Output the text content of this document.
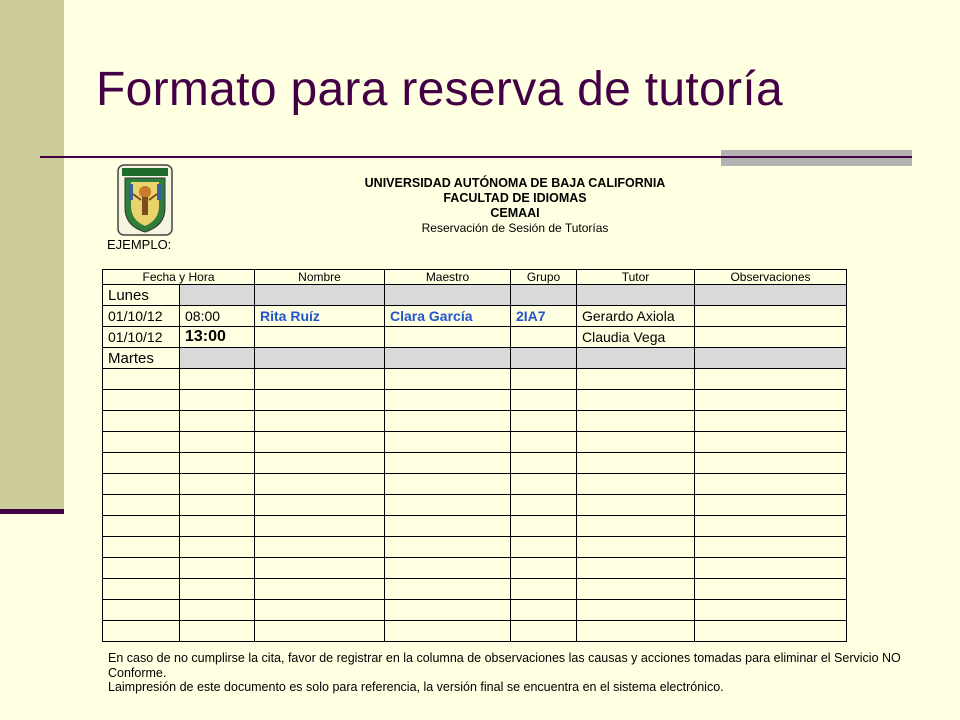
Formato para reserva de tutoría
EJEMPLO:
UNIVERSIDAD AUTÓNOMA DE BAJA CALIFORNIA
FACULTAD DE IDIOMAS
CEMAAI
Reservación de Sesión de Tutorías
Fecha y Hora		Nombre	Maestro	Grupo	Tutor	Observaciones
Lunes						
01/10/12	08:00	Rita Ruíz	Clara García	2IA7	Gerardo Axiola	
01/10/12	13:00				Claudia Vega	
Martes						

En caso de no cumplirse la cita, favor de registrar en la columna de observaciones las causas y acciones tomadas para eliminar el Servicio NO Conforme.
Laimpresión de este documento es solo para referencia, la versión final se encuentra en el sistema electrónico.
